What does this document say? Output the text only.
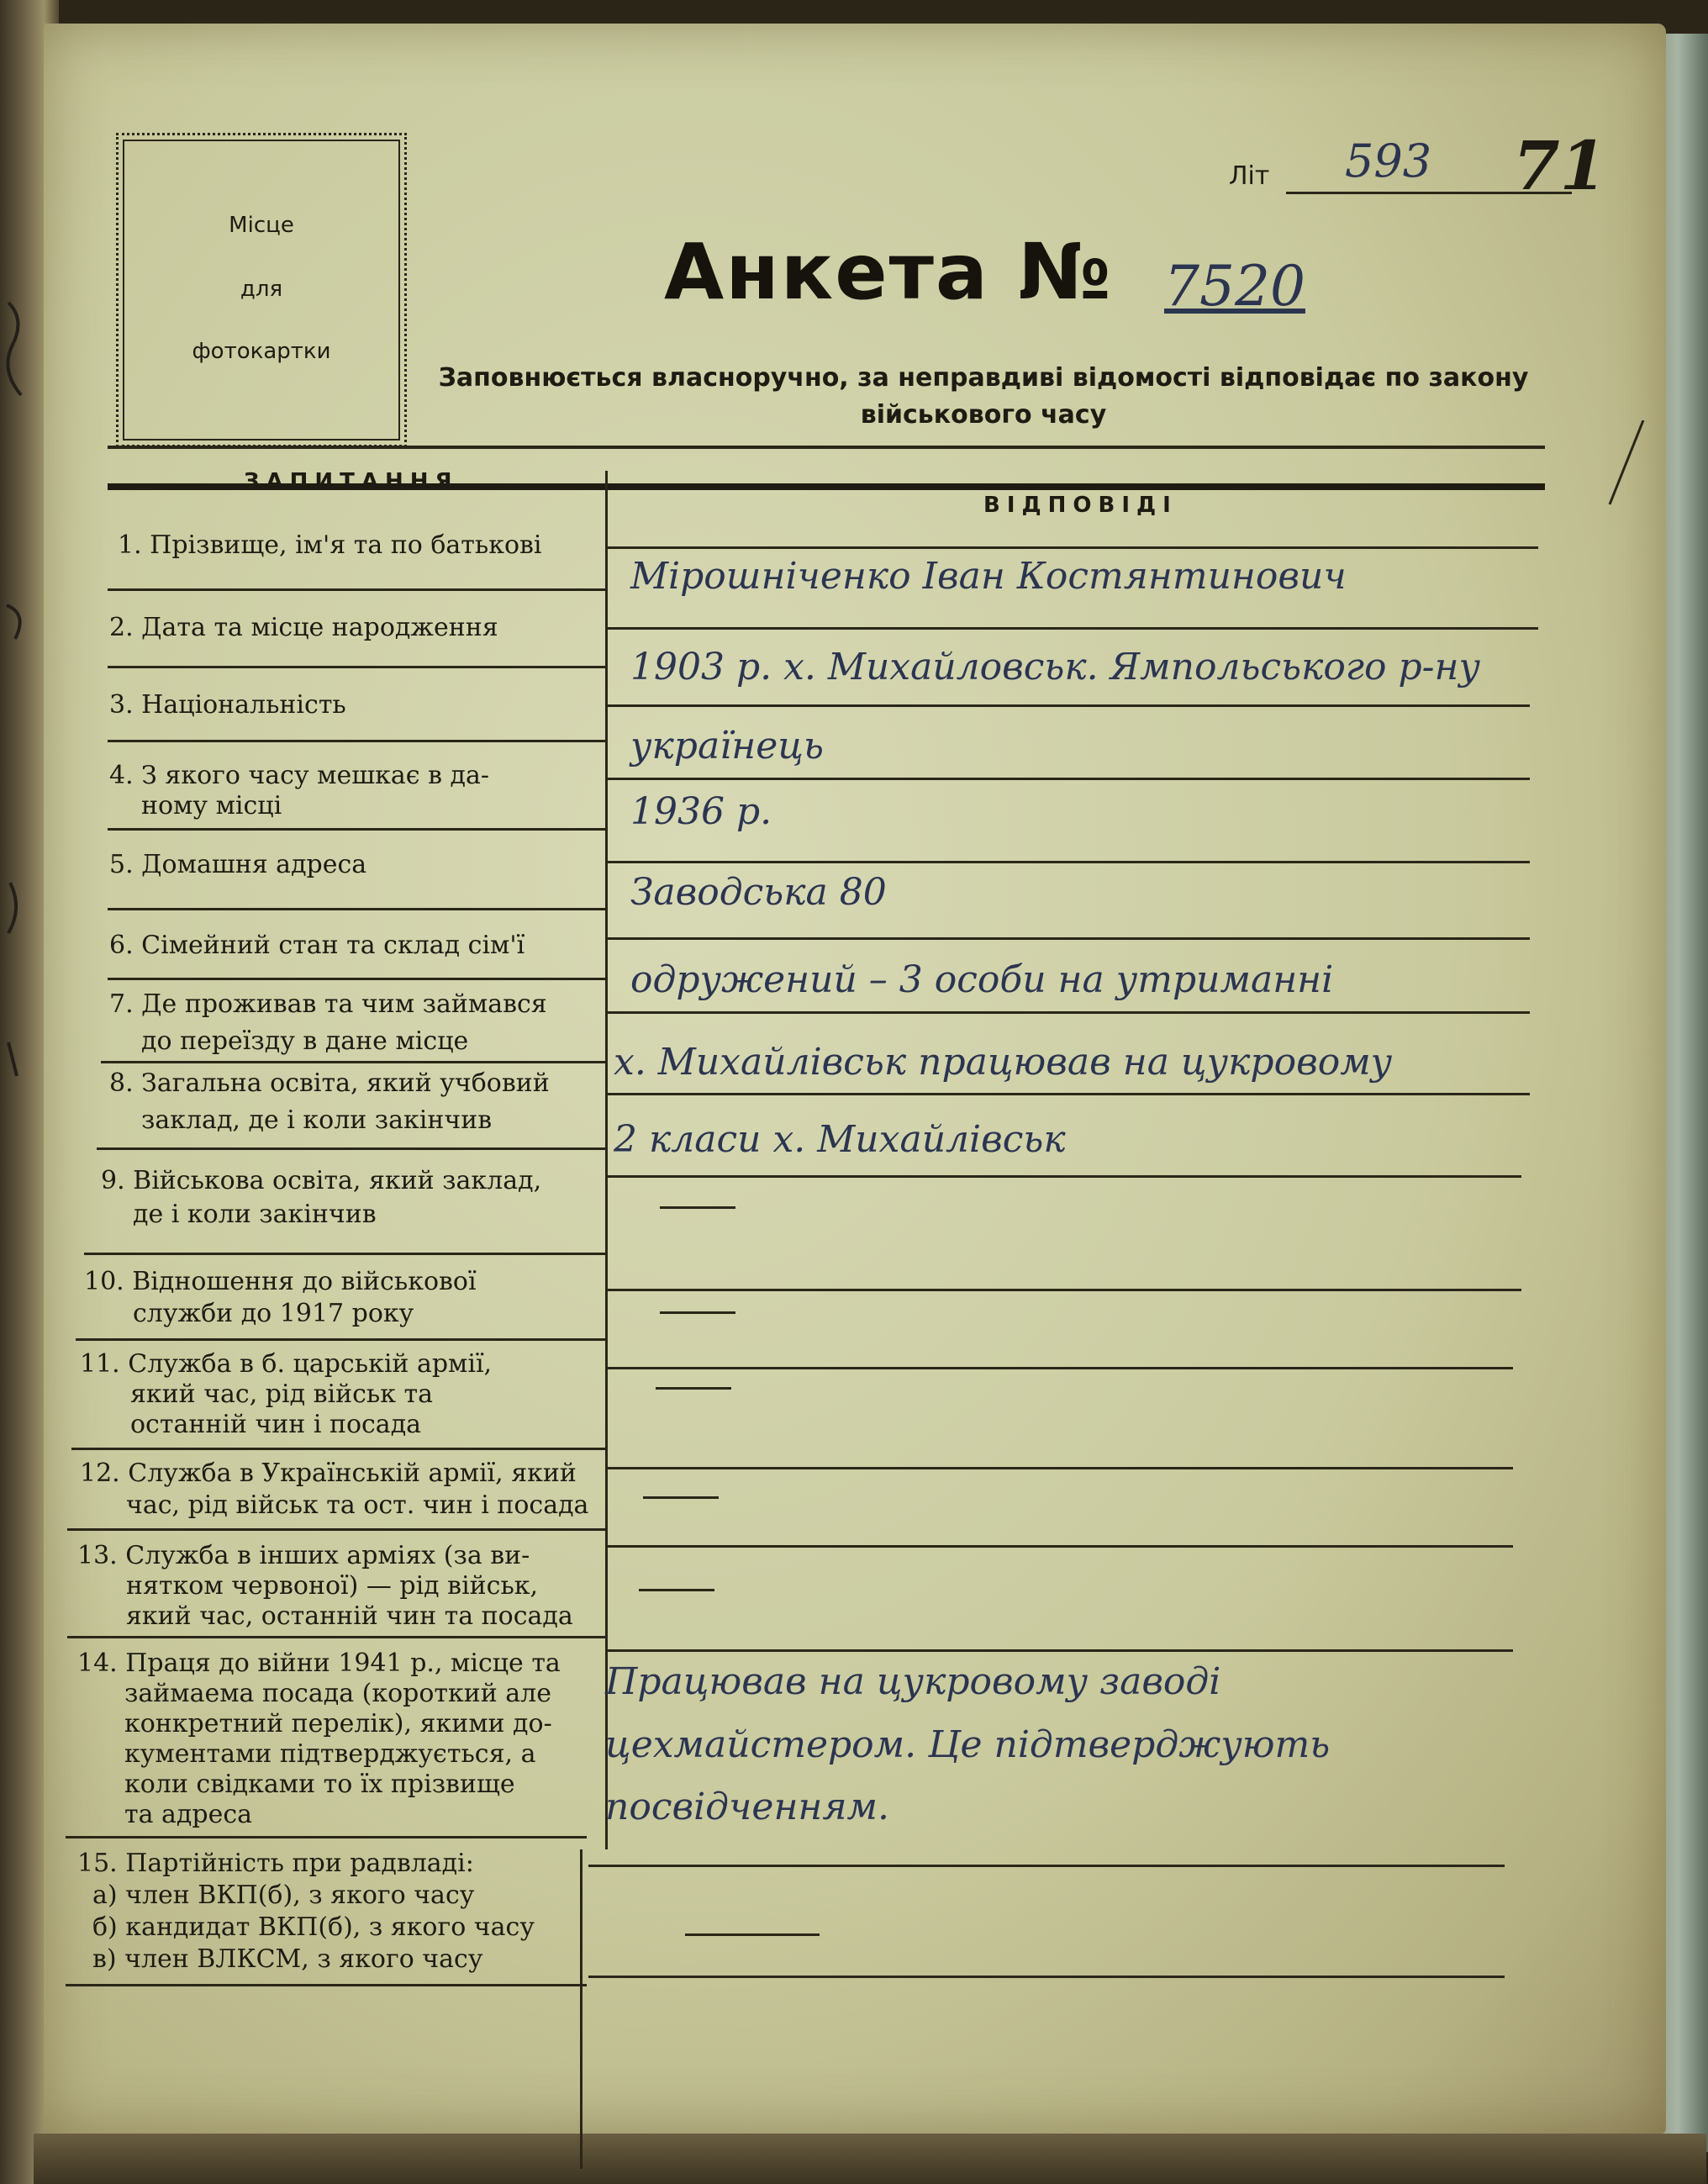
Місце
для
фотокартки
Літ 593 71
Анкета № 7520
Заповнюється власноручно, за неправдиві відомості відповідає по закону військового часу
ЗАПИТАННЯ
ВІДПОВІДІ
1. Прізвище, ім'я та по батькові
2. Дата та місце народження
3. Національність
4. З якого часу мешкає в да-
ному місці
5. Домашня адреса
6. Сімейний стан та склад сім'ї
7. Де проживав та чим займався
до переїзду в дане місце
8. Загальна освіта, який учбовий
заклад, де і коли закінчив
9. Військова освіта, який заклад,
де і коли закінчив
10. Відношення до військової
служби до 1917 року
11. Служба в б. царській армії,
який час, рід військ та
останній чин і посада
12. Служба в Українській армії, який
час, рід військ та ост. чин і посада
13. Служба в інших арміях (за ви-
нятком червоної) — рід військ,
який час, останній чин та посада
14. Праця до війни 1941 р., місце та
займаема посада (короткий але
конкретний перелік), якими до-
кументами підтверджується, а
коли свідками то їх прізвище
та адреса
15. Партійність при радвладі:
а) член ВКП(б), з якого часу
б) кандидат ВКП(б), з якого часу
в) член ВЛКСМ, з якого часу
Мірошніченко Іван Костянтинович
1903 р. х. Михайловськ. Ямпольського р-ну
українець
1936 р.
Заводська 80
одружений – 3 особи на утриманні
х. Михайлівськ працював на цукровому
2 класи х. Михайлівськ
Працював на цукровому заводі
цехмайстером. Це підтверджують
посвідченням.
